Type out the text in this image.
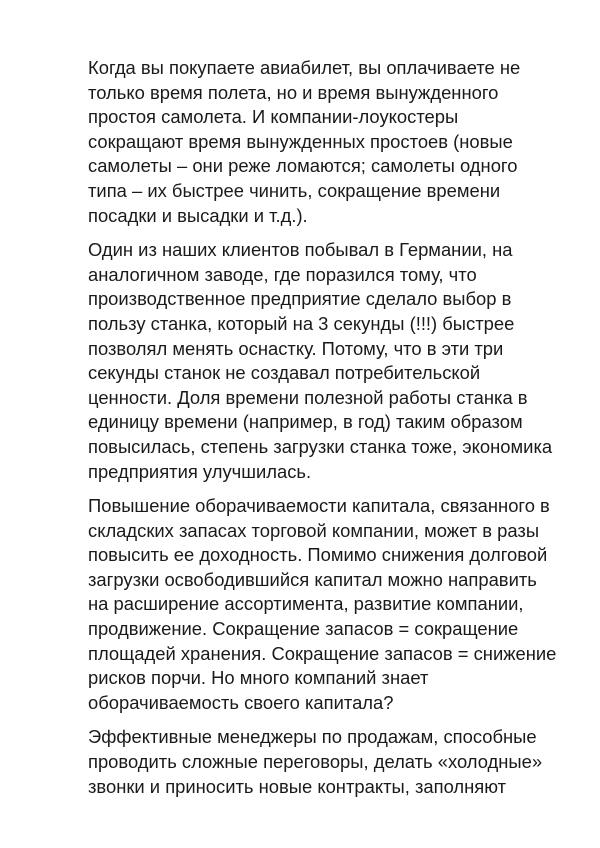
Когда вы покупаете авиабилет, вы оплачиваете не
только время полета, но и время вынужденного
простоя самолета. И компании-лоукостеры
сокращают время вынужденных простоев (новые
самолеты – они реже ломаются; самолеты одного
типа – их быстрее чинить, сокращение времени
посадки и высадки и т.д.).

Один из наших клиентов побывал в Германии, на
аналогичном заводе, где поразился тому, что
производственное предприятие сделало выбор в
пользу станка, который на 3 секунды (!!!) быстрее
позволял менять оснастку. Потому, что в эти три
секунды станок не создавал потребительской
ценности. Доля времени полезной работы станка в
единицу времени (например, в год) таким образом
повысилась, степень загрузки станка тоже, экономика
предприятия улучшилась.

Повышение оборачиваемости капитала, связанного в
складских запасах торговой компании, может в разы
повысить ее доходность. Помимо снижения долговой
загрузки освободившийся капитал можно направить
на расширение ассортимента, развитие компании,
продвижение. Сокращение запасов = сокращение
площадей хранения. Сокращение запасов = снижение
рисков порчи. Но много компаний знает
оборачиваемость своего капитала?

Эффективные менеджеры по продажам, способные
проводить сложные переговоры, делать «холодные»
звонки и приносить новые контракты, заполняют
